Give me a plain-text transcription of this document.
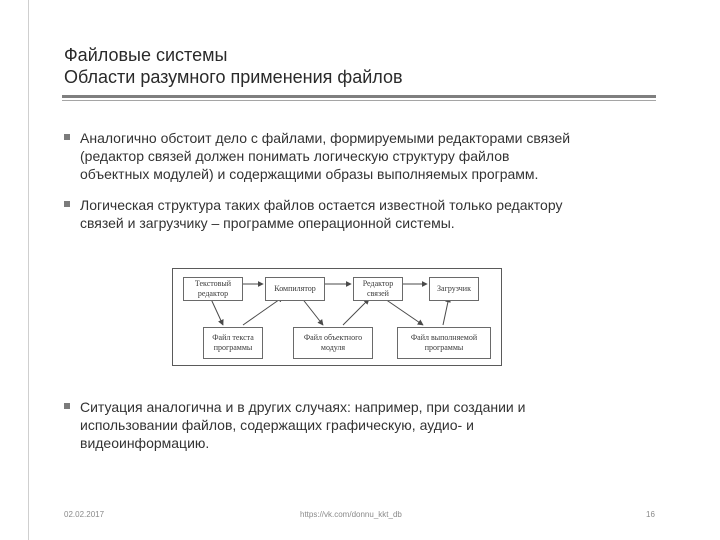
Файловые системы
Области разумного применения файлов
Аналогично обстоит дело с файлами, формируемыми редакторами связей
(редактор связей должен понимать логическую структуру файлов
объектных модулей) и содержащими образы выполняемых программ.
Логическая структура таких файлов остается известной только редактору
связей и загрузчику – программе операционной системы.
Текстовый
редактор
Компилятор
Редактор
связей
Загрузчик
Файл текста
программы
Файл объектного
модуля
Файл выполняемой
программы
Ситуация аналогична и в других случаях: например, при создании и
использовании файлов, содержащих графическую, аудио- и
видеоинформацию.
02.02.2017	https://vk.com/donnu_kkt_db	16
